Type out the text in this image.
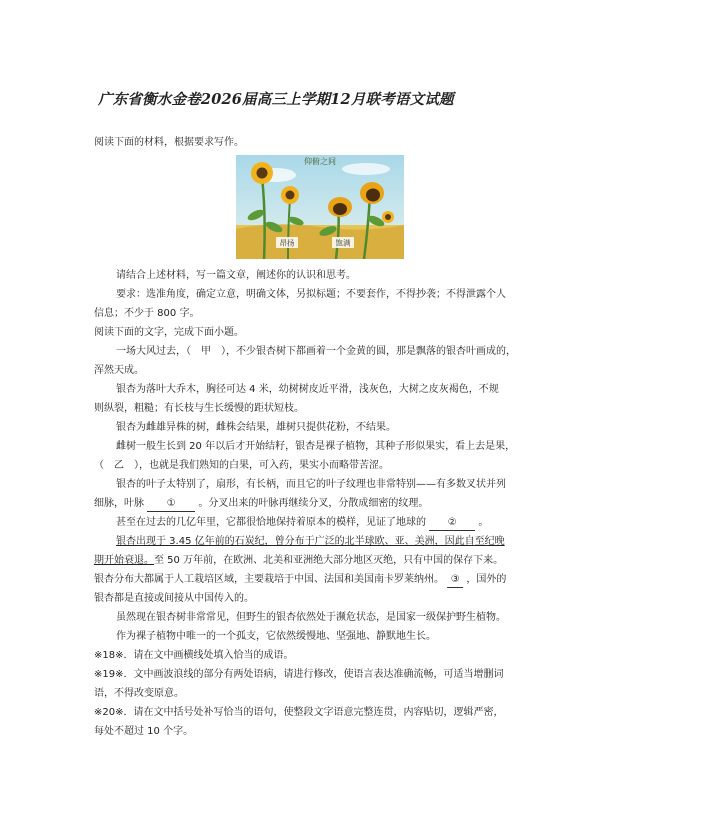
广东省衡水金卷2026届高三上学期12月联考语文试题
阅读下面的材料，根据要求写作。
仰俯之间
昂扬	饱满
请结合上述材料，写一篇文章，阐述你的认识和思考。
要求：选准角度，确定立意，明确文体，另拟标题；不要套作，不得抄袭；不得泄露个人
信息；不少于 800 字。
阅读下面的文字，完成下面小题。
一场大风过去，（　甲　），不少银杏树下都画着一个金黄的圆，那是飘落的银杏叶画成的，
浑然天成。
银杏为落叶大乔木，胸径可达 4 米，幼树树皮近平滑，浅灰色，大树之皮灰褐色，不规
则纵裂，粗糙；有长枝与生长缓慢的距状短枝。
银杏为雌雄异株的树，雌株会结果，雄树只提供花粉，不结果。
雌树一般生长到 20 年以后才开始结籽，银杏是裸子植物，其种子形似果实，看上去是果，
（　乙　），也就是我们熟知的白果，可入药，果实小而略带苦涩。
银杏的叶子太特别了，扇形，有长柄，而且它的叶子纹理也非常特别——有多数叉状并列
细脉，叶脉 ① 。分叉出来的叶脉再继续分叉，分散成细密的纹理。
甚至在过去的几亿年里，它都很恰地保持着原本的模样，见证了地球的 ② 。
银杏出现于 3.45 亿年前的石炭纪，曾分布于广泛的北半球欧、亚、美洲，因此自至纪晚
期开始衰退。至 50 万年前，在欧洲、北美和亚洲绝大部分地区灭绝，只有中国的保存下来。
银杏分布大都属于人工栽培区域，主要栽培于中国、法国和美国南卡罗莱纳州。 ③ ，国外的
银杏都是直接或间接从中国传入的。
虽然现在银杏树非常常见，但野生的银杏依然处于濒危状态，是国家一级保护野生植物。
作为裸子植物中唯一的一个孤支，它依然缓慢地、坚强地、静默地生长。
※18※．请在文中画横线处填入恰当的成语。
※19※．文中画波浪线的部分有两处语病，请进行修改，使语言表达准确流畅，可适当增删词
语，不得改变原意。
※20※．请在文中括号处补写恰当的语句，使整段文字语意完整连贯，内容贴切，逻辑严密，
每处不超过 10 个字。
